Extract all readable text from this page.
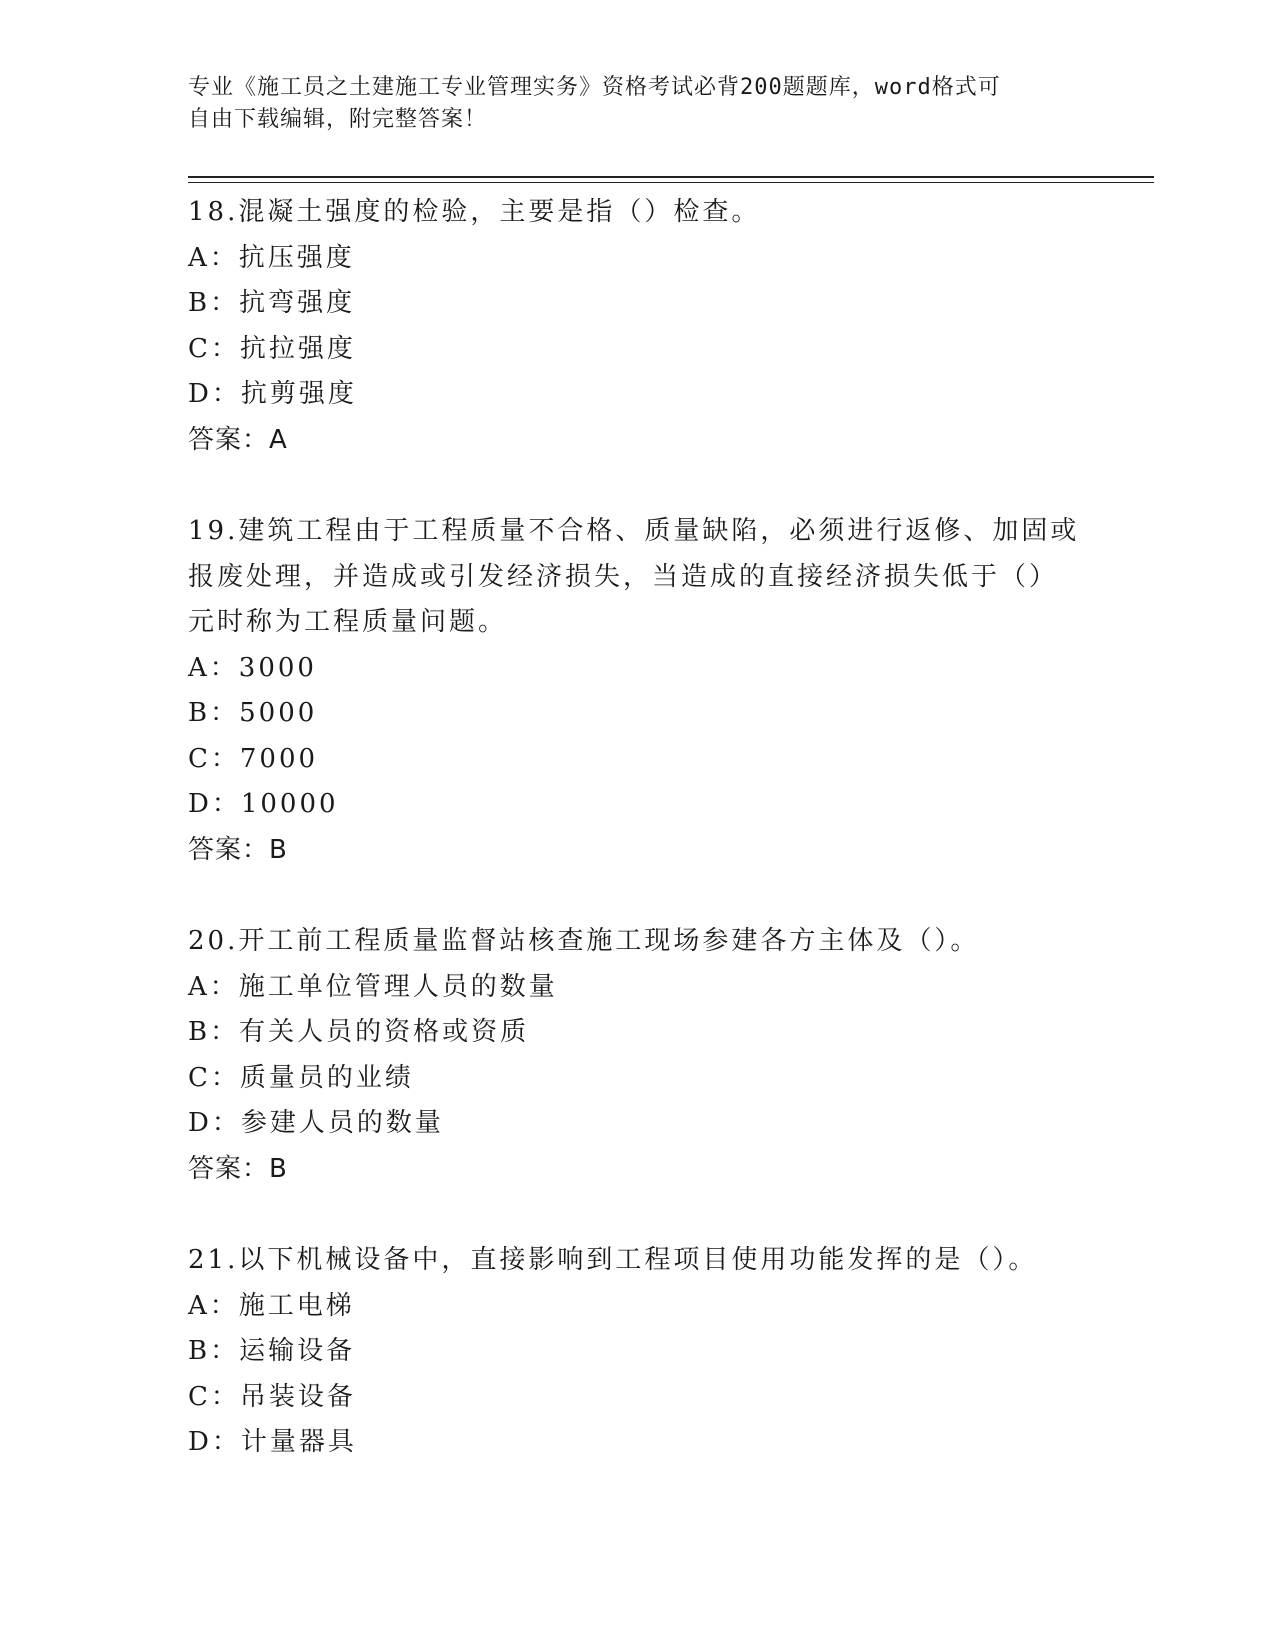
专业《施工员之土建施工专业管理实务》资格考试必背200题题库，word格式可
自由下载编辑，附完整答案！
18.混凝土强度的检验，主要是指（）检查。
A：抗压强度
B：抗弯强度
C：抗拉强度
D：抗剪强度
答案：A
19.建筑工程由于工程质量不合格、质量缺陷，必须进行返修、加固或
报废处理，并造成或引发经济损失，当造成的直接经济损失低于（）
元时称为工程质量问题。
A：3000
B：5000
C：7000
D：10000
答案：B
20.开工前工程质量监督站核查施工现场参建各方主体及（）。
A：施工单位管理人员的数量
B：有关人员的资格或资质
C：质量员的业绩
D：参建人员的数量
答案：B
21.以下机械设备中，直接影响到工程项目使用功能发挥的是（）。
A：施工电梯
B：运输设备
C：吊装设备
D：计量器具
